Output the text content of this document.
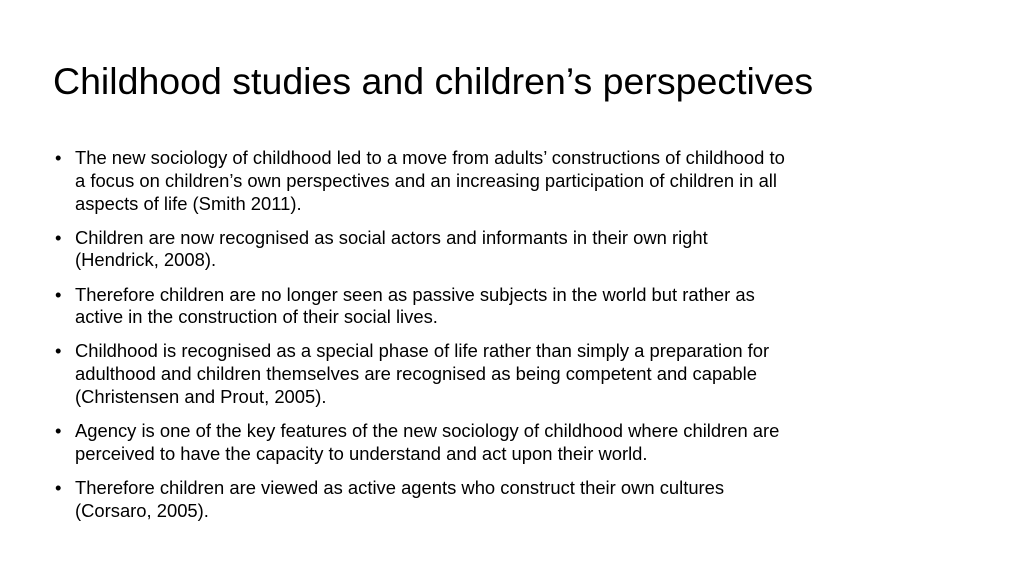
Childhood studies and children’s perspectives
• The new sociology of childhood led to a move from adults’ constructions of childhood to a focus on children’s own perspectives and an increasing participation of children in all aspects of life (Smith 2011).
• Children are now recognised as social actors and informants in their own right (Hendrick, 2008).
• Therefore children are no longer seen as passive subjects in the world but rather as active in the construction of their social lives.
• Childhood is recognised as a special phase of life rather than simply a preparation for adulthood and children themselves are recognised as being competent and capable (Christensen and Prout, 2005).
• Agency is one of the key features of the new sociology of childhood where children are perceived to have the capacity to understand and act upon their world.
• Therefore children are viewed as active agents who construct their own cultures (Corsaro, 2005).
